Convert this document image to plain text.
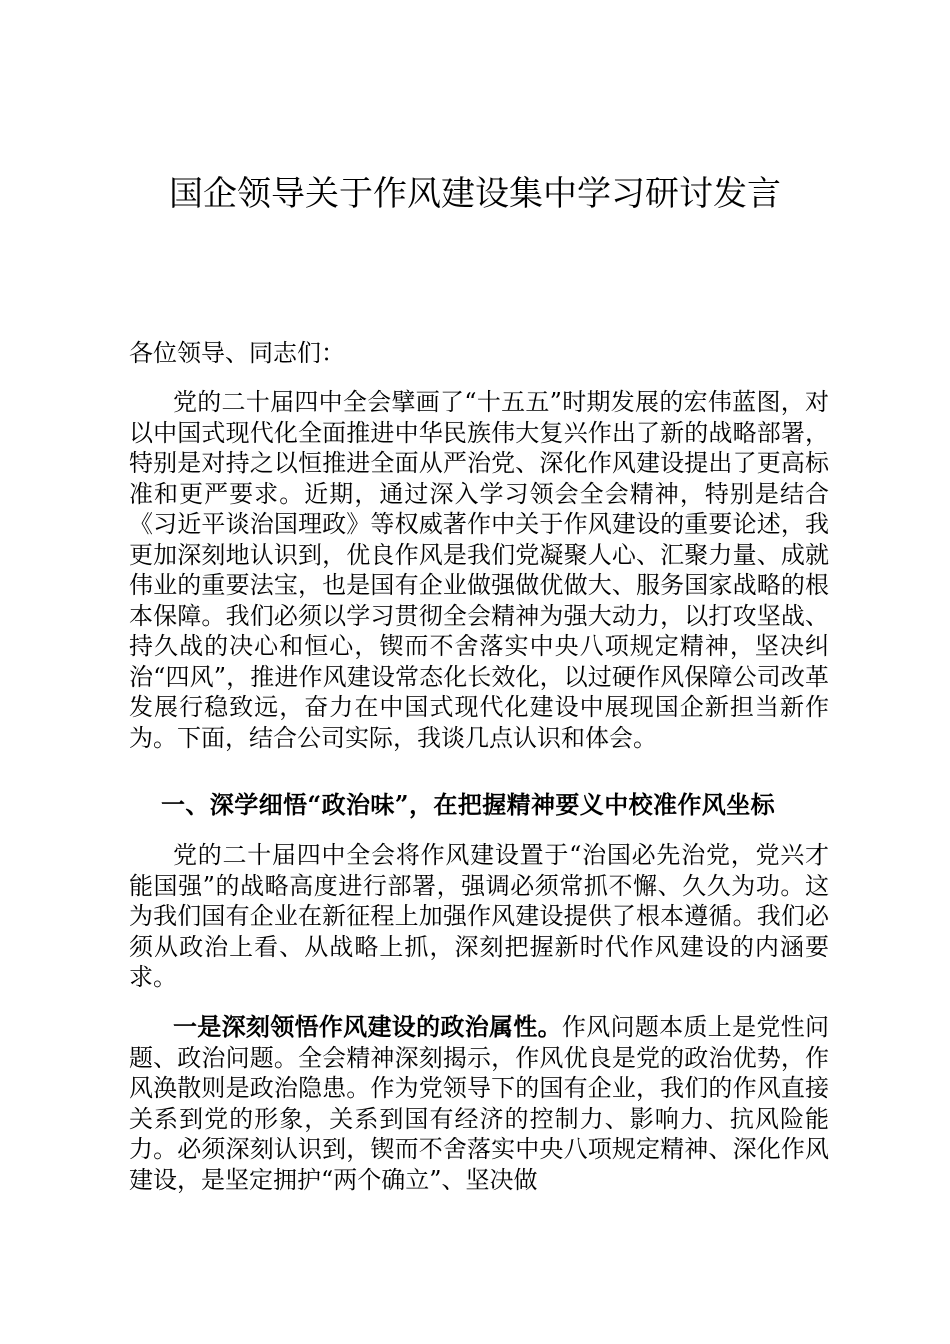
国企领导关于作风建设集中学习研讨发言

各位领导、同志们：

党的二十届四中全会擘画了“十五五”时期发展的宏伟蓝图，对以中国式现代化全面推进中华民族伟大复兴作出了新的战略部署，特别是对持之以恒推进全面从严治党、深化作风建设提出了更高标准和更严要求。近期，通过深入学习领会全会精神，特别是结合《习近平谈治国理政》等权威著作中关于作风建设的重要论述，我更加深刻地认识到，优良作风是我们党凝聚人心、汇聚力量、成就伟业的重要法宝，也是国有企业做强做优做大、服务国家战略的根本保障。我们必须以学习贯彻全会精神为强大动力，以打攻坚战、持久战的决心和恒心，锲而不舍落实中央八项规定精神，坚决纠治“四风”，推进作风建设常态化长效化，以过硬作风保障公司改革发展行稳致远，奋力在中国式现代化建设中展现国企新担当新作为。下面，结合公司实际，我谈几点认识和体会。

一、深学细悟“政治味”，在把握精神要义中校准作风坐标

党的二十届四中全会将作风建设置于“治国必先治党，党兴才能国强”的战略高度进行部署，强调必须常抓不懈、久久为功。这为我们国有企业在新征程上加强作风建设提供了根本遵循。我们必须从政治上看、从战略上抓，深刻把握新时代作风建设的内涵要求。

一是深刻领悟作风建设的政治属性。作风问题本质上是党性问题、政治问题。全会精神深刻揭示，作风优良是党的政治优势，作风涣散则是政治隐患。作为党领导下的国有企业，我们的作风直接关系到党的形象，关系到国有经济的控制力、影响力、抗风险能力。必须深刻认识到，锲而不舍落实中央八项规定精神、深化作风建设，是坚定拥护“两个确立”、坚决做
